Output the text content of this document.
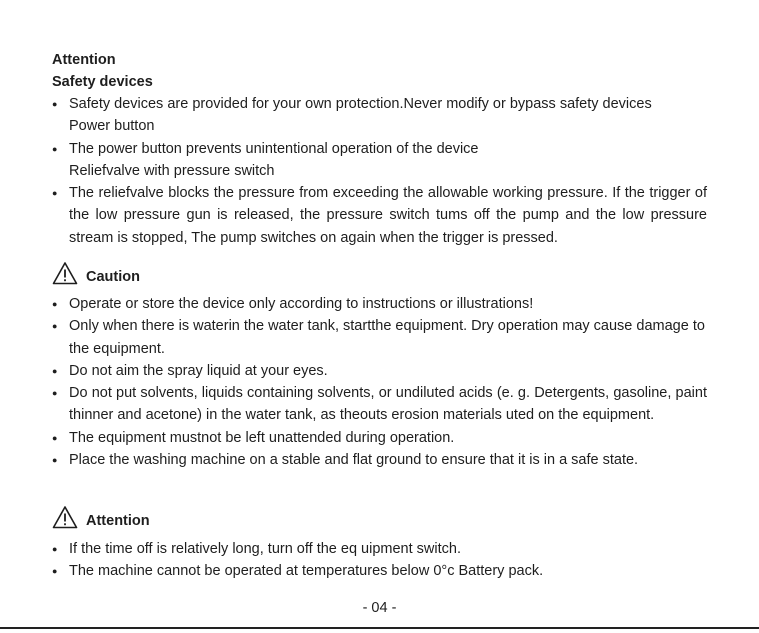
Attention
Safety devices
● Safety devices are provided for your own protection.Never modify or bypass safety devices
Power button
● The power button prevents unintentional operation of the device
Reliefvalve with pressure switch
● The reliefvalve blocks the pressure from exceeding the allowable working pressure. If the trigger of the low pressure gun is released, the pressure switch tums off the pump and the low pressure stream is stopped, The pump switches on again when the trigger is pressed.
Caution
● Operate or store the device only according to instructions or illustrations!
● Only when there is waterin the water tank, startthe equipment. Dry operation may cause damage to the equipment.
● Do not aim the spray liquid at your eyes.
● Do not put solvents, liquids containing solvents, or undiluted acids (e. g. Detergents, gasoline, paint thinner and acetone) in the water tank, as theouts erosion materials uted on the equipment.
● The equipment mustnot be left unattended during operation.
● Place the washing machine on a stable and flat ground to ensure that it is in a safe state.
Attention
● If the time off is relatively long, turn off the eq uipment switch.
● The machine cannot be operated at temperatures below 0°c Battery pack.
- 04 -
